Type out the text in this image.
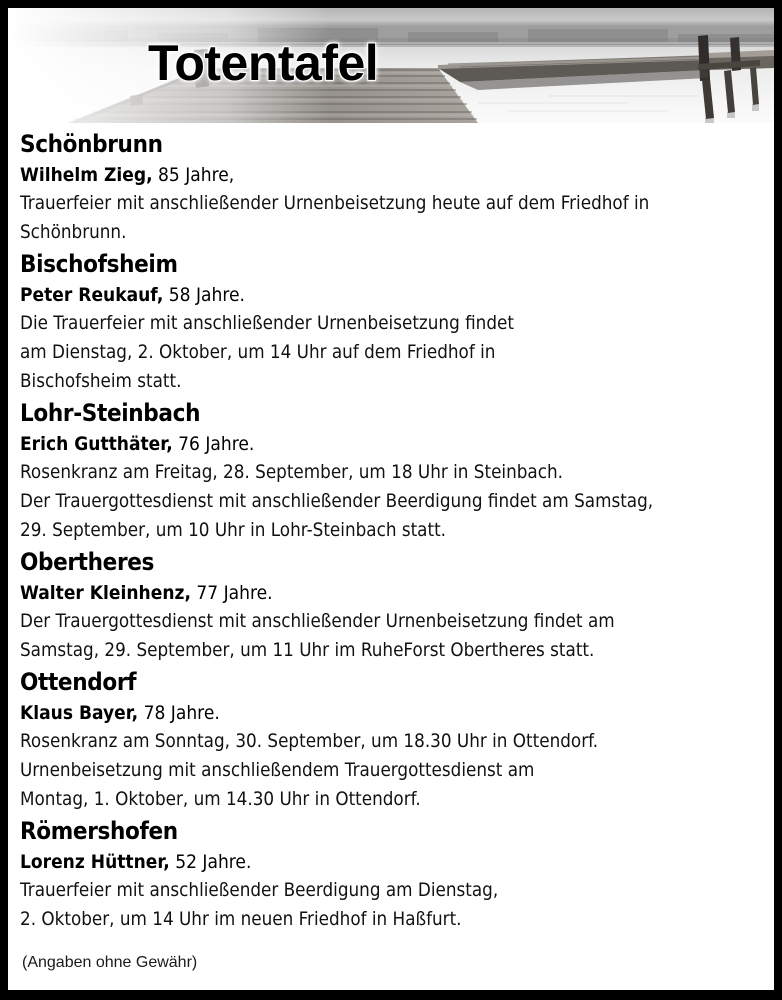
Totentafel
Schönbrunn
Wilhelm Zieg, 85 Jahre,
Trauerfeier mit anschließender Urnenbeisetzung heute auf dem Friedhof in
Schönbrunn.
Bischofsheim
Peter Reukauf, 58 Jahre.
Die Trauerfeier mit anschließender Urnenbeisetzung findet
am Dienstag, 2. Oktober, um 14 Uhr auf dem Friedhof in
Bischofsheim statt.
Lohr-Steinbach
Erich Gutthäter, 76 Jahre.
Rosenkranz am Freitag, 28. September, um 18 Uhr in Steinbach.
Der Trauergottesdienst mit anschließender Beerdigung findet am Samstag,
29. September, um 10 Uhr in Lohr-Steinbach statt.
Obertheres
Walter Kleinhenz, 77 Jahre.
Der Trauergottesdienst mit anschließender Urnenbeisetzung findet am
Samstag, 29. September, um 11 Uhr im RuheForst Obertheres statt.
Ottendorf
Klaus Bayer, 78 Jahre.
Rosenkranz am Sonntag, 30. September, um 18.30 Uhr in Ottendorf.
Urnenbeisetzung mit anschließendem Trauergottesdienst am
Montag, 1. Oktober, um 14.30 Uhr in Ottendorf.
Römershofen
Lorenz Hüttner, 52 Jahre.
Trauerfeier mit anschließender Beerdigung am Dienstag,
2. Oktober, um 14 Uhr im neuen Friedhof in Haßfurt.
(Angaben ohne Gewähr)
